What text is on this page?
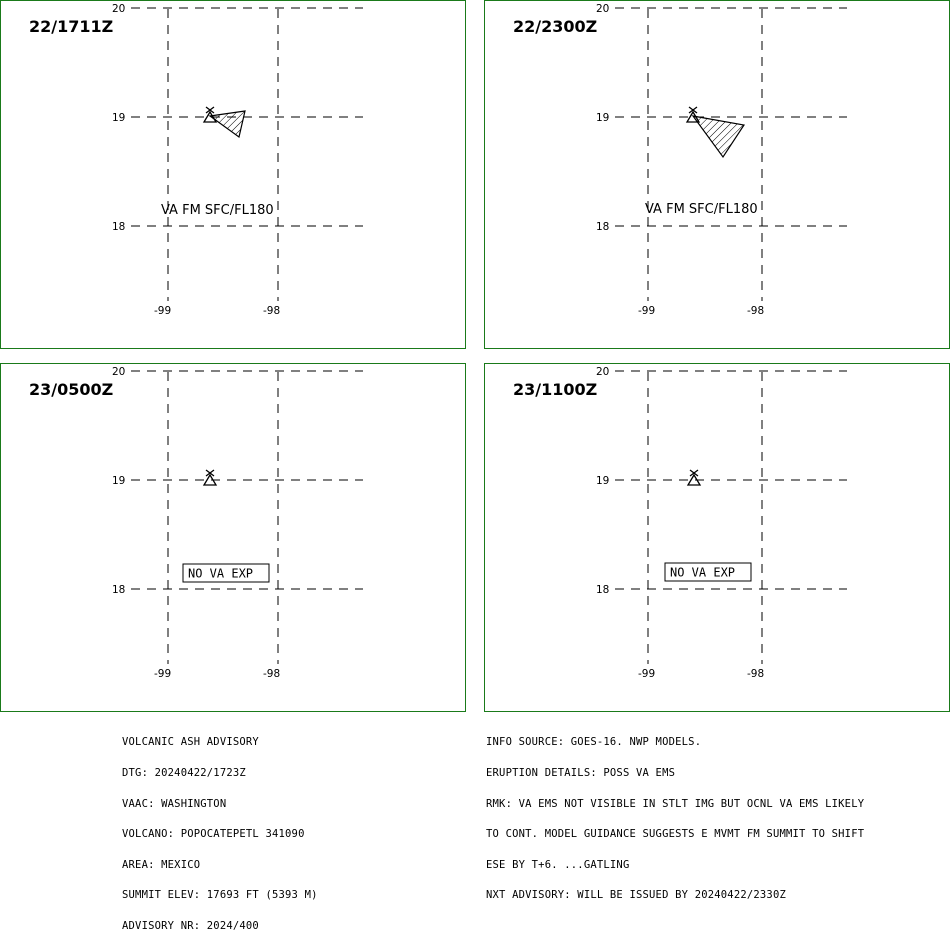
20
19
18
-99	-98
VA FM SFC/FL180
22/1711Z
20
19
18
-99	-98
VA FM SFC/FL180
22/2300Z
20
19
18
-99	-98
NO VA EXP
23/0500Z
20
19
18
-99	-98
NO VA EXP
23/1100Z

VOLCANIC ASH ADVISORY

DTG: 20240422/1723Z

VAAC: WASHINGTON

VOLCANO: POPOCATEPETL 341090

AREA: MEXICO

SUMMIT ELEV: 17693 FT (5393 M)

ADVISORY NR: 2024/400

INFO SOURCE: GOES-16. NWP MODELS.

ERUPTION DETAILS: POSS VA EMS

RMK: VA EMS NOT VISIBLE IN STLT IMG BUT OCNL VA EMS LIKELY

TO CONT. MODEL GUIDANCE SUGGESTS E MVMT FM SUMMIT TO SHIFT

ESE BY T+6. ...GATLING

NXT ADVISORY: WILL BE ISSUED BY 20240422/2330Z
